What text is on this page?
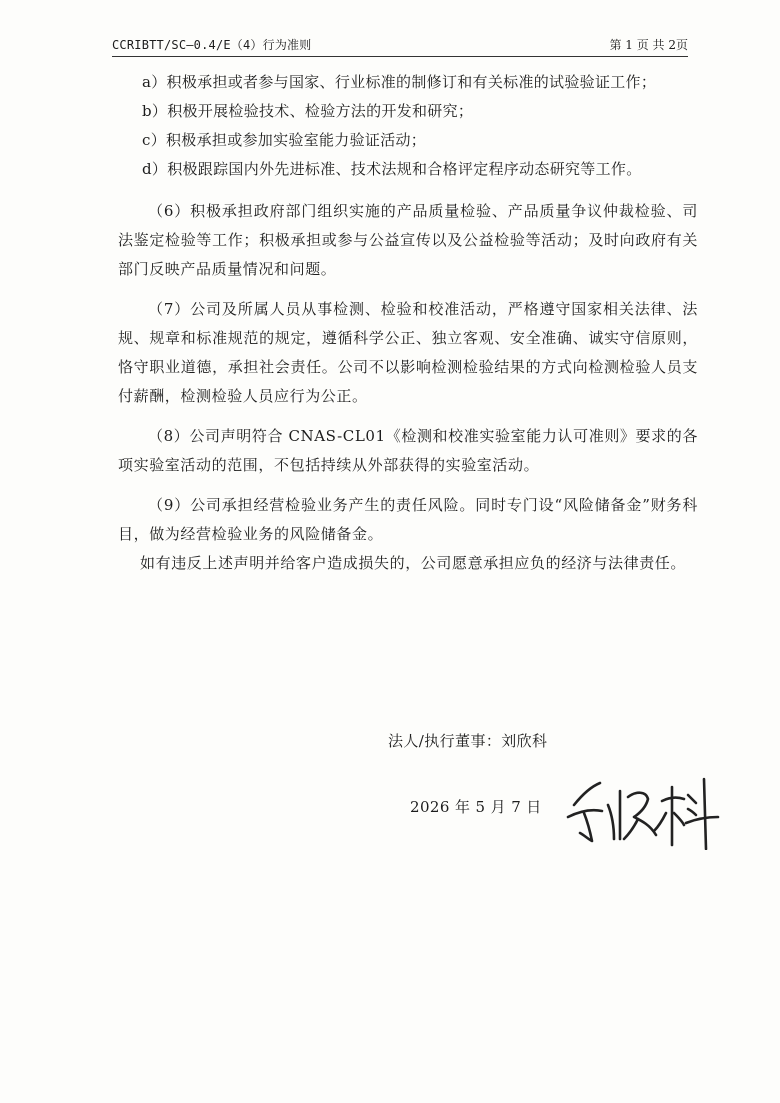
CCRIBTT/SC—0.4/E（4）行为准则	第 1 页 共 2页

a）积极承担或者参与国家、行业标准的制修订和有关标准的试验验证工作；

b）积极开展检验技术、检验方法的开发和研究；

c）积极承担或参加实验室能力验证活动；

d）积极跟踪国内外先进标准、技术法规和合格评定程序动态研究等工作。

（6）积极承担政府部门组织实施的产品质量检验、产品质量争议仲裁检验、司法鉴定检验等工作；积极承担或参与公益宣传以及公益检验等活动；及时向政府有关部门反映产品质量情况和问题。

（7）公司及所属人员从事检测、检验和校准活动，严格遵守国家相关法律、法规、规章和标准规范的规定，遵循科学公正、独立客观、安全准确、诚实守信原则，恪守职业道德，承担社会责任。公司不以影响检测检验结果的方式向检测检验人员支付薪酬，检测检验人员应行为公正。

（8）公司声明符合 CNAS-CL01《检测和校准实验室能力认可准则》要求的各项实验室活动的范围，不包括持续从外部获得的实验室活动。

（9）公司承担经营检验业务产生的责任风险。同时专门设“风险储备金”财务科目，做为经营检验业务的风险储备金。

如有违反上述声明并给客户造成损失的，公司愿意承担应负的经济与法律责任。

法人/执行董事：刘欣科
2026 年 5 月 7 日
